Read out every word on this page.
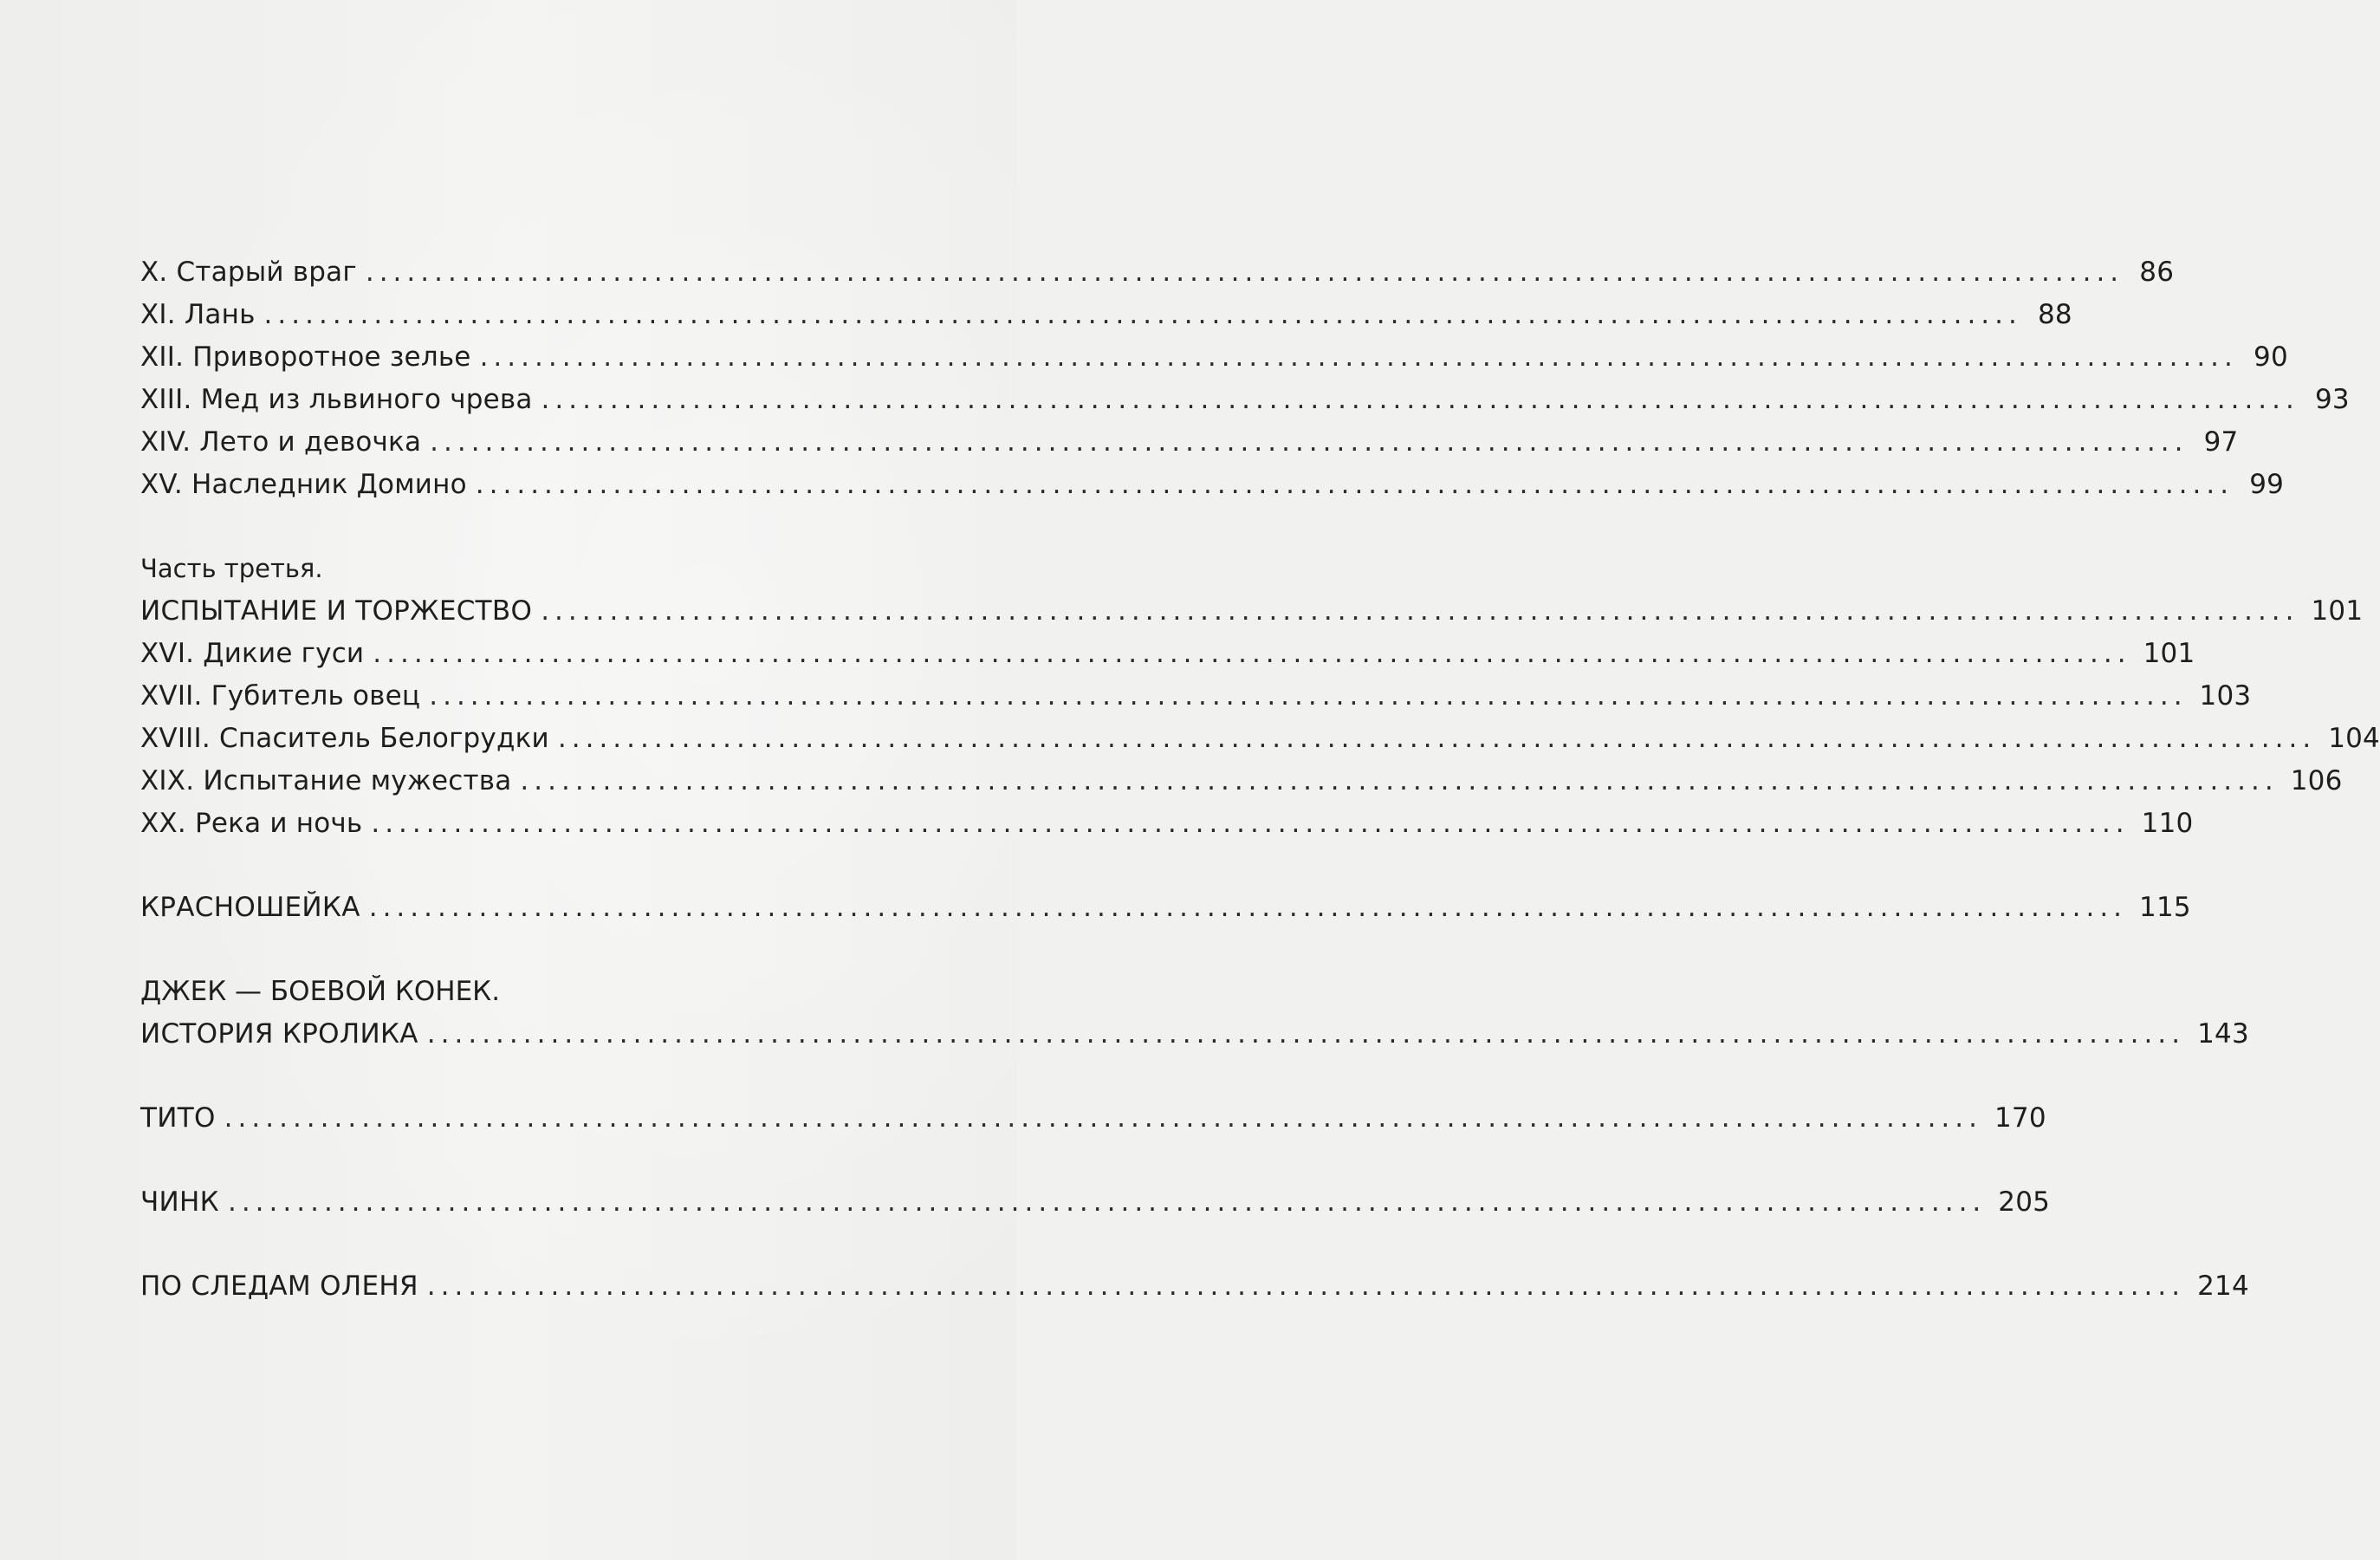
X. Старый враг ................................................................................................................................ 86
XI. Лань ................................................................................................................................ 88
XII. Приворотное зелье ................................................................................................................................ 90
XIII. Мед из львиного чрева ................................................................................................................................ 93
XIV. Лето и девочка ................................................................................................................................ 97
XV. Наследник Домино ................................................................................................................................ 99
Часть третья.
ИСПЫТАНИЕ И ТОРЖЕСТВО ................................................................................................................................ 101
XVI. Дикие гуси ................................................................................................................................ 101
XVII. Губитель овец ................................................................................................................................ 103
XVIII. Спаситель Белогрудки ................................................................................................................................ 104
XIX. Испытание мужества ................................................................................................................................ 106
XX. Река и ночь ................................................................................................................................ 110
КРАСНОШЕЙКА ................................................................................................................................ 115
ДЖЕК — БОЕВОЙ КОНЕК.
ИСТОРИЯ КРОЛИКА ................................................................................................................................ 143
ТИТО ................................................................................................................................ 170
ЧИНК ................................................................................................................................ 205
ПО СЛЕДАМ ОЛЕНЯ ................................................................................................................................ 214
